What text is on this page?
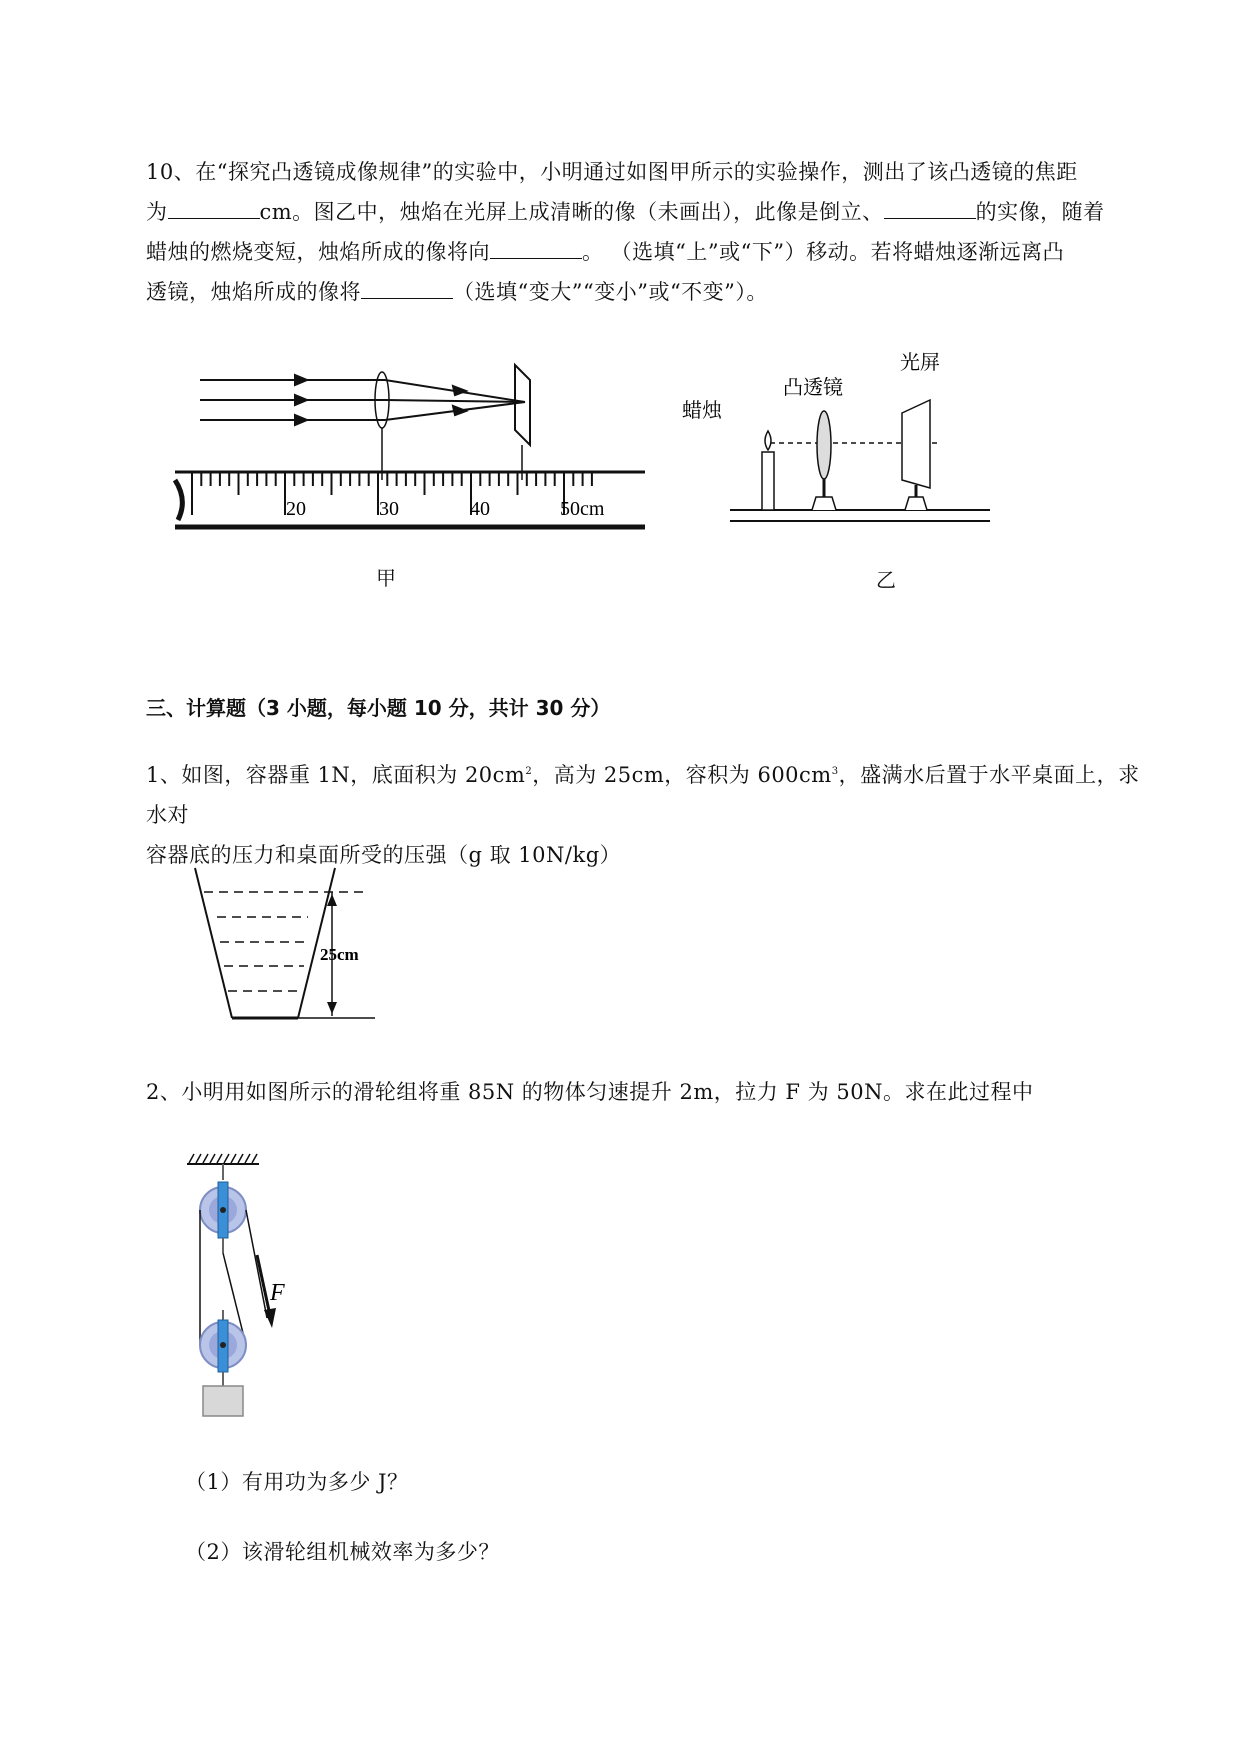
10、在“探究凸透镜成像规律”的实验中，小明通过如图甲所示的实验操作，测出了该凸透镜的焦距
为	cm。图乙中，烛焰在光屏上成清晰的像（未画出），此像是倒立、	的实像，随着
蜡烛的燃烧变短，烛焰所成的像将向	。 （选填“上”或“下”）移动。若将蜡烛逐渐远离凸
透镜，烛焰所成的像将	（选填“变大”“变小”或“不变”）。
20	30	40	50cm
甲
蜡烛
凸透镜
光屏
乙
三、计算题（3 小题，每小题 10 分，共计 30 分）
1、如图，容器重 1N，底面积为 $20cm^2$，高为 25cm，容积为 $600cm^3$，盛满水后置于水平桌面上，求水对
容器底的压力和桌面所受的压强（g 取 10N/kg）
25cm
2、小明用如图所示的滑轮组将重 85N 的物体匀速提升 2m，拉力 F 为 50N。求在此过程中
F
（1）有用功为多少 J？
（2）该滑轮组机械效率为多少？
